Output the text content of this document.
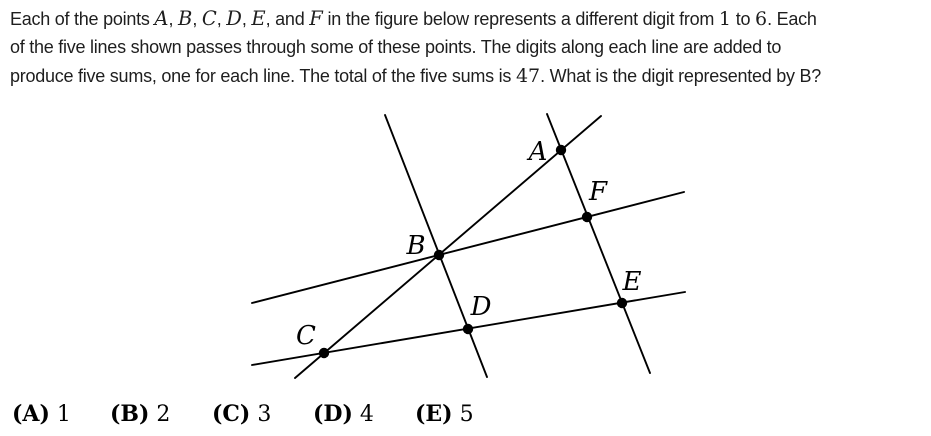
Each of the points A, B, C, D, E, and F in the figure below represents a different digit from 1 to 6. Each
of the five lines shown passes through some of these points. The digits along each line are added to
produce five sums, one for each line. The total of the five sums is 47. What is the digit represented by B?
A
B
C
D
E
F
(A) 1 (B) 2 (C) 3 (D) 4 (E) 5
